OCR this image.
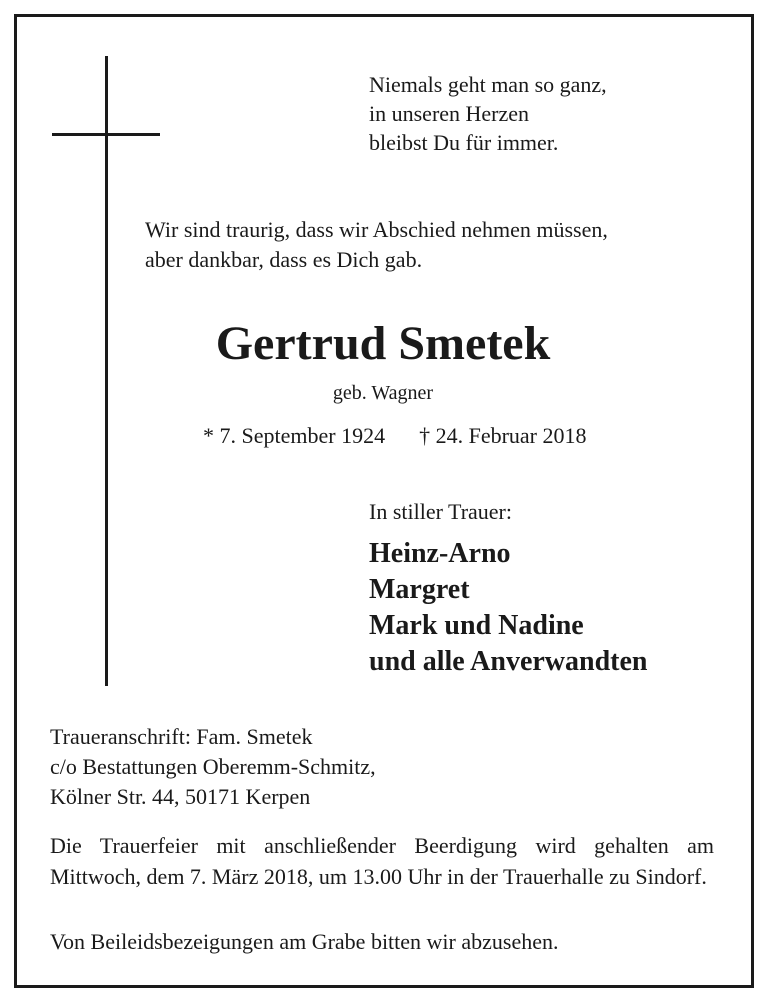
Niemals geht man so ganz,
in unseren Herzen
bleibst Du für immer.
Wir sind traurig, dass wir Abschied nehmen müssen,
aber dankbar, dass es Dich gab.
Gertrud Smetek
geb. Wagner
* 7. September 1924 † 24. Februar 2018
In stiller Trauer:
Heinz-Arno
Margret
Mark und Nadine
und alle Anverwandten
Traueranschrift: Fam. Smetek
c/o Bestattungen Oberemm-Schmitz,
Kölner Str. 44, 50171 Kerpen
Die Trauerfeier mit anschließender Beerdigung wird gehalten am Mittwoch, dem 7. März 2018, um 13.00 Uhr in der Trauerhalle zu Sindorf.
Von Beileidsbezeigungen am Grabe bitten wir abzusehen.
